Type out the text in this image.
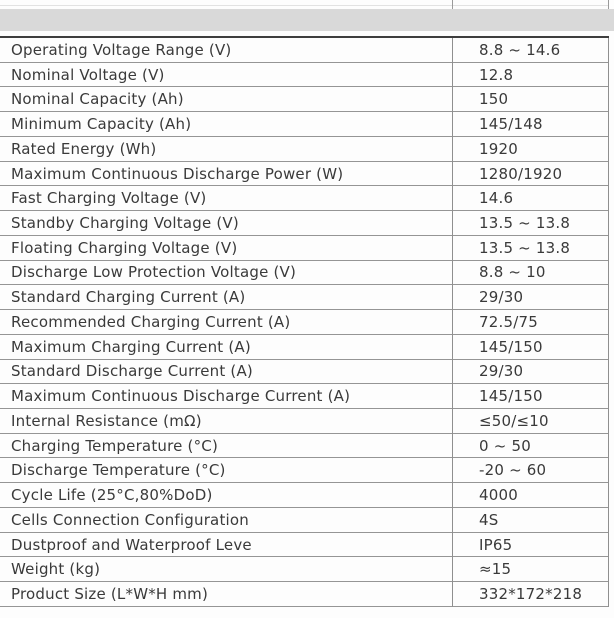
Operating Voltage Range (V)	8.8 ~ 14.6
Nominal Voltage (V)	12.8
Nominal Capacity (Ah)	150
Minimum Capacity (Ah)	145/148
Rated Energy (Wh)	1920
Maximum Continuous Discharge Power (W)	1280/1920
Fast Charging Voltage (V)	14.6
Standby Charging Voltage (V)	13.5 ~ 13.8
Floating Charging Voltage (V)	13.5 ~ 13.8
Discharge Low Protection Voltage (V)	8.8 ~ 10
Standard Charging Current (A)	29/30
Recommended Charging Current (A)	72.5/75
Maximum Charging Current (A)	145/150
Standard Discharge Current (A)	29/30
Maximum Continuous Discharge Current (A)	145/150
Internal Resistance (mΩ)	≤50/≤10
Charging Temperature (°C)	0 ~ 50
Discharge Temperature (°C)	-20 ~ 60
Cycle Life (25°C,80%DoD)	4000
Cells Connection Configuration	4S
Dustproof and Waterproof Leve	IP65
Weight (kg)	≈15
Product Size (L*W*H mm)	332*172*218
